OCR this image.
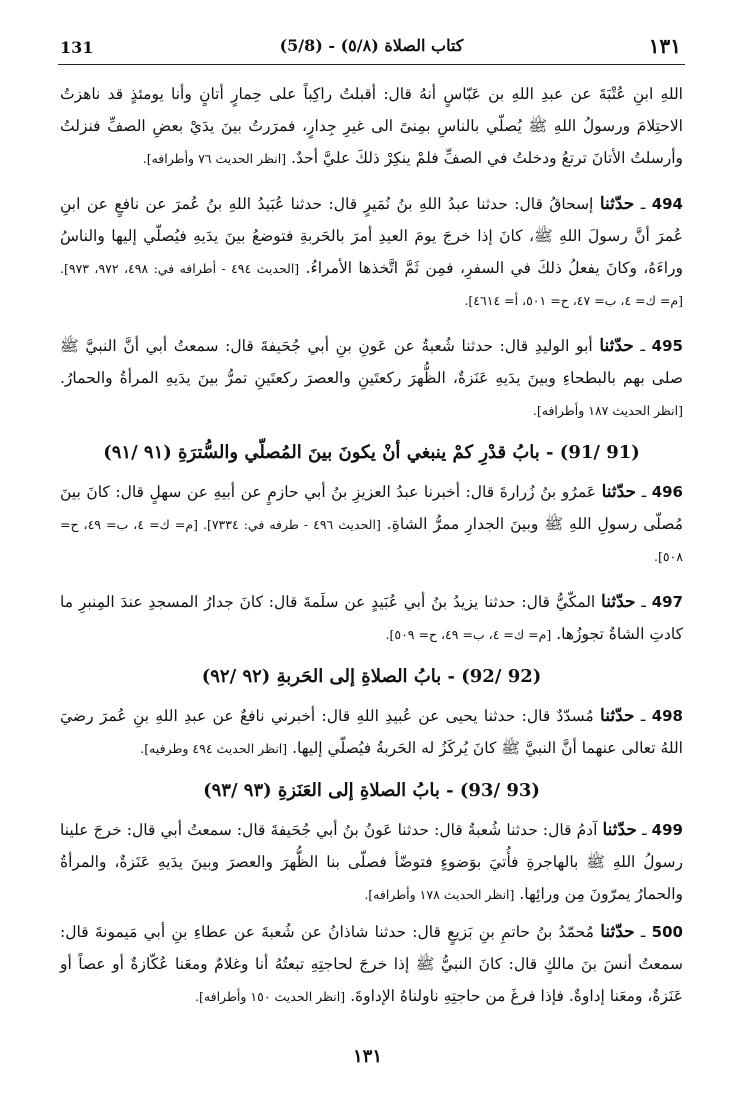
131	(5/8) - كتاب الصلاة (٥/٨)	١٣١

اللهِ ابنِ عُتْبَةَ عن عبدِ اللهِ بن عَبّاسٍ أنهُ قال: أقبلتُ راكِباً على حِمارٍ أتانٍ وأنا يومئذٍ قد ناهزتُ الاحتِلامَ ورسولُ اللهِ ﷺ يُصلّي بالناسِ بمِنىً الى غيرِ جِدارٍ، فمرَرتُ بينَ يدَيْ بعضِ الصفِّ فنزلتُ وأرسلتُ الأتانَ ترتعُ ودخلتُ في الصفِّ فلمْ ينكِرْ ذلكَ عليَّ أحدٌ. [انظر الحديث ٧٦ وأطرافه].

494 ـ حدّثنا إسحاقُ قال: حدثنا عبدُ اللهِ بنُ نُمَيرٍ قال: حدثنا عُبَيدُ اللهِ بنُ عُمرَ عن نافعٍ عن ابنِ عُمرَ أنَّ رسولَ اللهِ ﷺ، كانَ إذا خرجَ يومَ العيدِ أمرَ بالحَربةِ فتوضعُ بينَ يدَيهِ فيُصلّي إليها والناسُ وراءَهُ، وكانَ يفعلُ ذلكَ في السفرِ، فمِن ثَمَّ اتَّخذها الأمراءُ. [الحديث ٤٩٤ - أطرافه في: ٤٩٨، ٩٧٢، ٩٧٣]. [م= ك= ٤، ب= ٤٧، ح= ٥٠١، أ= ٤٦١٤].

495 ـ حدّثنا أبو الوليدِ قال: حدثنا شُعبةُ عن عَونِ بنِ أبي جُحَيفةَ قال: سمعتُ أبي أنَّ النبيَّ ﷺ صلى بهم بالبطحاءِ وبينَ يدَيهِ عَنَزةٌ، الظُّهرَ ركعتَينِ والعصرَ ركعتَينِ تمرُّ بينَ يدَيهِ المرأةُ والحمارُ. [انظر الحديث ١٨٧ وأطرافه].

(91 /91) - بابُ قدْرِ كمْ ينبغي أنْ يكونَ بينَ المُصلّي والسُّترَةِ (٩١ /٩١)

496 ـ حدّثنا عَمرُو بنُ زُرارةَ قال: أخبرنا عبدُ العزيزِ بنُ أبي حازمٍ عن أبيهِ عن سهلٍ قال: كانَ بينَ مُصلّى رسولِ اللهِ ﷺ وبينَ الجدارِ ممرُّ الشاةِ. [الحديث ٤٩٦ - طرفه في: ٧٣٣٤]. [م= ك= ٤، ب= ٤٩، ح= ٥٠٨].

497 ـ حدّثنا المكّيُّ قال: حدثنا يزيدُ بنُ أبي عُبَيدٍ عن سلَمةَ قال: كانَ جدارُ المسجدِ عندَ المِنبرِ ما كادتِ الشاةُ تجوزُها. [م= ك= ٤، ب= ٤٩، ح= ٥٠٩].

(92 /92) - بابُ الصلاةِ إلى الحَربةِ (٩٢ /٩٢)

498 ـ حدّثنا مُسدّدٌ قال: حدثنا يحيى عن عُبيدِ اللهِ قال: أخبرني نافعٌ عن عبدِ اللهِ بنِ عُمرَ رضيَ اللهُ تعالى عنهما أنَّ النبيَّ ﷺ كانَ يُركَزُ له الحَربةُ فيُصلّي إليها. [انظر الحديث ٤٩٤ وطرفيه].

(93 /93) - بابُ الصلاةِ إلى العَنَزةِ (٩٣ /٩٣)

499 ـ حدّثنا آدمُ قال: حدثنا شُعبةُ قال: حدثنا عَونُ بنُ أبي جُحَيفةَ قال: سمعتُ أبي قال: خرجَ علينا رسولُ اللهِ ﷺ بالهاجرةِ فأُتيَ بوَضوءٍ فتوضّأ فصلّى بنا الظُّهرَ والعصرَ وبينَ يدَيهِ عَنَزةٌ، والمرأةُ والحمارُ يمرّونَ مِن ورائِها. [انظر الحديث ١٧٨ وأطرافه].

500 ـ حدّثنا مُحمّدُ بنُ حاتمِ بنِ بَزيعٍ قال: حدثنا شاذانُ عن شُعبةَ عن عطاءِ بنِ أبي مَيمونةَ قال: سمعتُ أنسَ بنَ مالكٍ قال: كانَ النبيُّ ﷺ إذا خرجَ لحاجتِهِ تبعتُهُ أنا وغلامٌ ومعَنا عُكّازةٌ أو عصاً أو عَنَزةٌ، ومعَنا إداوةٌ. فإذا فرغَ من حاجتِهِ ناولناهُ الإداوةَ. [انظر الحديث ١٥٠ وأطرافه].

١٣١
